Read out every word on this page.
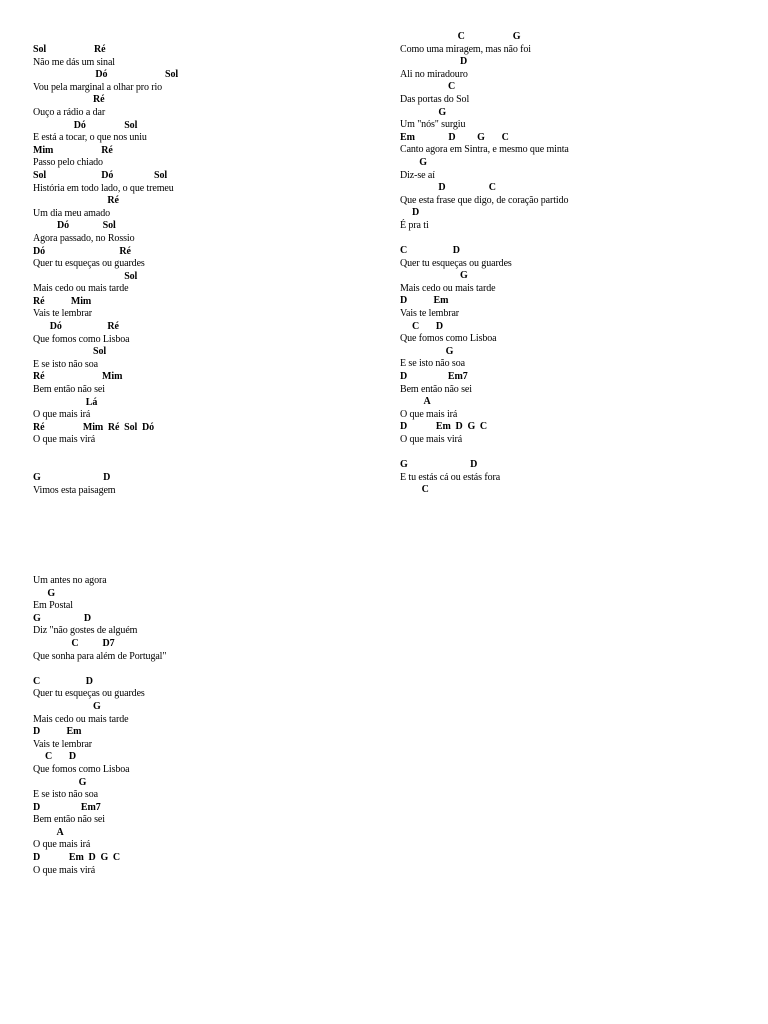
Sol                    Ré
Não me dás um sinal
Dó                        Sol
Vou pela marginal a olhar pro rio
Ré
Ouço a rádio a dar
Dó                Sol
E está a tocar, o que nos uniu
Mim                    Ré
Passo pelo chiado
Sol                       Dó                 Sol
História em todo lado, o que tremeu
Ré
Um dia meu amado
Dó              Sol
Agora passado, no Rossio
Dó                               Ré
Quer tu esqueças ou guardes
Sol
Mais cedo ou mais tarde
Ré           Mim
Vais te lembrar
Dó                   Ré
Que fomos como Lisboa
Sol
E se isto não soa
Ré                        Mim
Bem então não sei
Lá
O que mais irá
Ré                Mim  Ré  Sol  Dó
O que mais virá
G                          D
Vimos esta paisagem
Um antes no agora
G
Em Postal
G                  D
Diz "não gostes de alguém
C          D7
Que sonha para além de Portugal"
C                   D
Quer tu esqueças ou guardes
G
Mais cedo ou mais tarde
D           Em
Vais te lembrar
C       D
Que fomos como Lisboa
G
E se isto não soa
D                 Em7
Bem então não sei
A
O que mais irá
D            Em  D  G  C
O que mais virá
C                    G
Como uma miragem, mas não foi
D
Ali no miradouro
C
Das portas do Sol
G
Um "nós" surgiu
Em              D         G       C
Canto agora em Sintra, e mesmo que minta
G
Diz-se aí
D                  C
Que esta frase que digo, de coração partido
D
É pra ti
C                   D
Quer tu esqueças ou guardes
G
Mais cedo ou mais tarde
D           Em
Vais te lembrar
C       D
Que fomos como Lisboa
G
E se isto não soa
D                 Em7
Bem então não sei
A
O que mais irá
D            Em  D  G  C
O que mais virá
G                          D
E tu estás cá ou estás fora
C
